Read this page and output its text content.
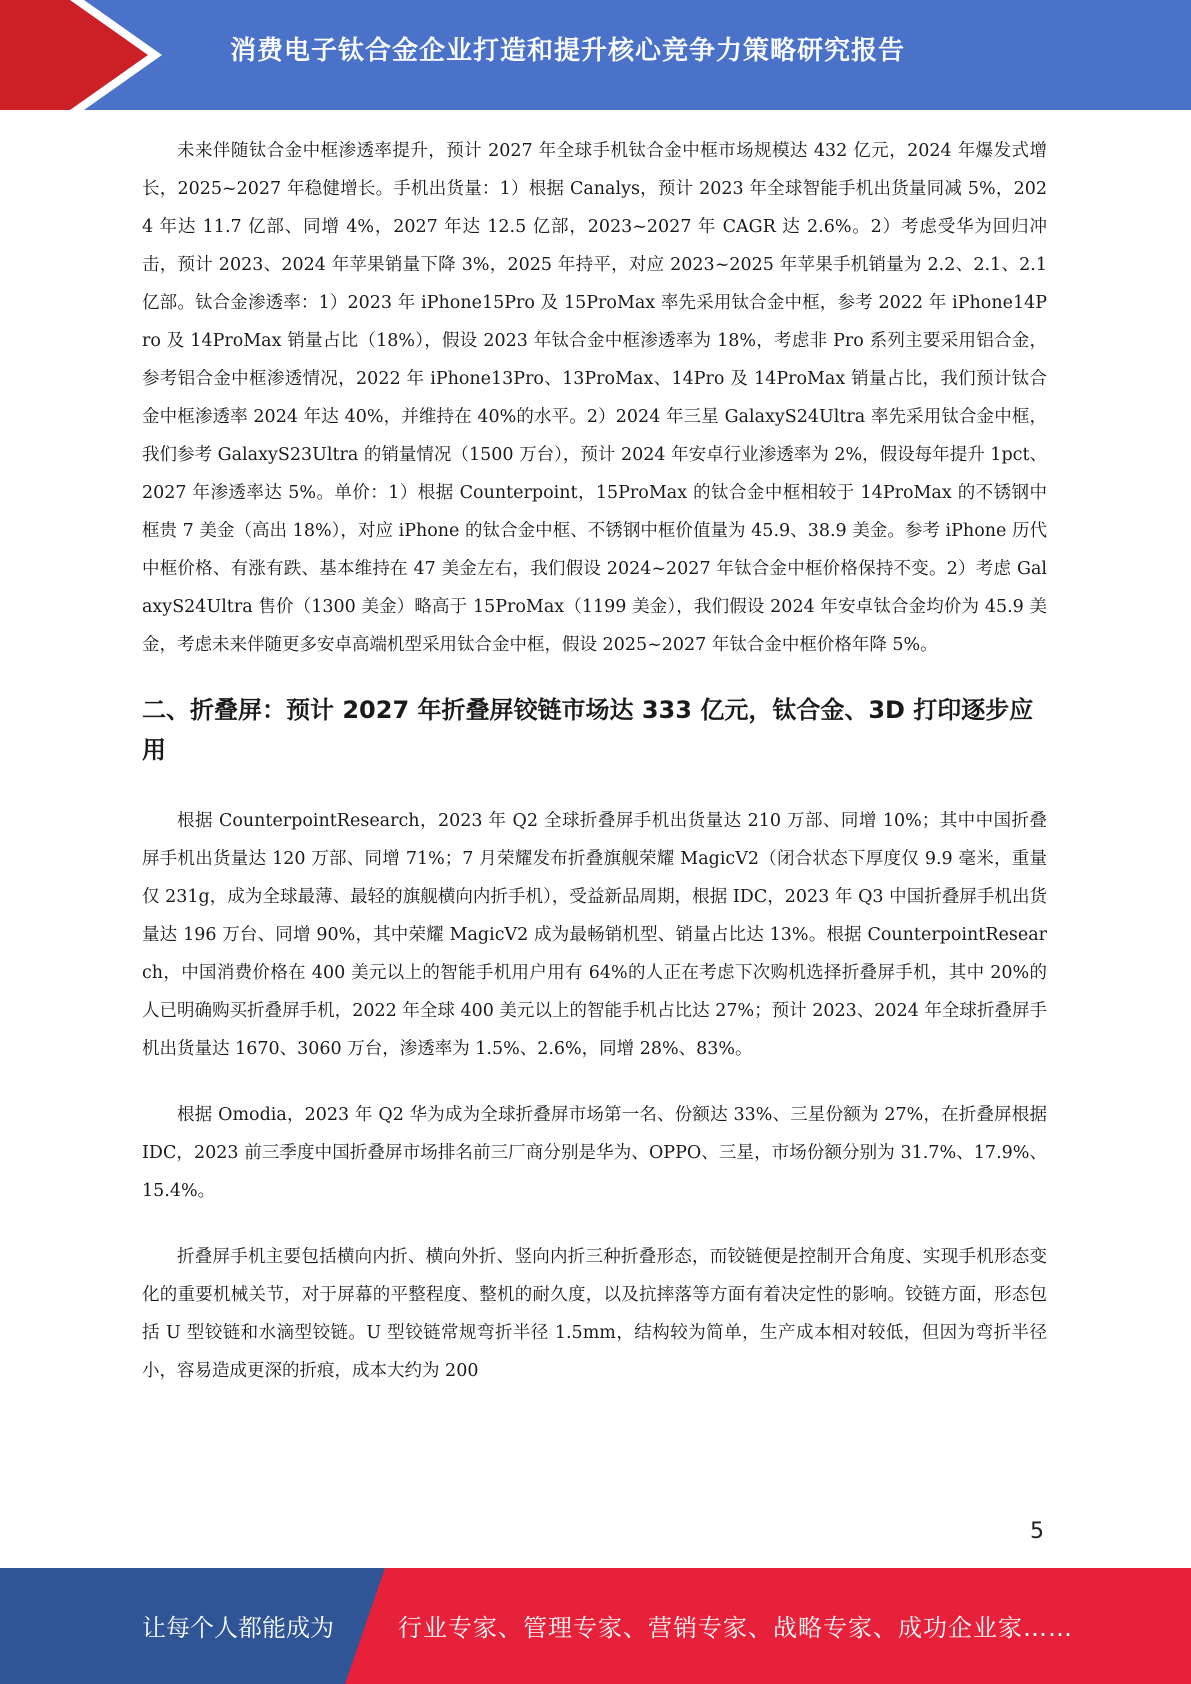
消费电子钛合金企业打造和提升核心竞争力策略研究报告

未来伴随钛合金中框渗透率提升，预计 2027 年全球手机钛合金中框市场规模达 432 亿元，2024 年爆发式增长，2025~2027 年稳健增长。手机出货量：1）根据 Canalys，预计 2023 年全球智能手机出货量同减 5%，2024 年达 11.7 亿部、同增 4%，2027 年达 12.5 亿部，2023~2027 年 CAGR 达 2.6%。2）考虑受华为回归冲击，预计 2023、2024 年苹果销量下降 3%，2025 年持平，对应 2023~2025 年苹果手机销量为 2.2、2.1、2.1 亿部。钛合金渗透率：1）2023 年 iPhone15Pro 及 15ProMax 率先采用钛合金中框，参考 2022 年 iPhone14Pro 及 14ProMax 销量占比（18%），假设 2023 年钛合金中框渗透率为 18%，考虑非 Pro 系列主要采用铝合金，参考铝合金中框渗透情况，2022 年 iPhone13Pro、13ProMax、14Pro 及 14ProMax 销量占比，我们预计钛合金中框渗透率 2024 年达 40%，并维持在 40%的水平。2）2024 年三星 GalaxyS24Ultra 率先采用钛合金中框，我们参考 GalaxyS23Ultra 的销量情况（1500 万台），预计 2024 年安卓行业渗透率为 2%，假设每年提升 1pct、2027 年渗透率达 5%。单价：1）根据 Counterpoint，15ProMax 的钛合金中框相较于 14ProMax 的不锈钢中框贵 7 美金（高出 18%），对应 iPhone 的钛合金中框、不锈钢中框价值量为 45.9、38.9 美金。参考 iPhone 历代中框价格、有涨有跌、基本维持在 47 美金左右，我们假设 2024~2027 年钛合金中框价格保持不变。2）考虑 GalaxyS24Ultra 售价（1300 美金）略高于 15ProMax（1199 美金），我们假设 2024 年安卓钛合金均价为 45.9 美金，考虑未来伴随更多安卓高端机型采用钛合金中框，假设 2025~2027 年钛合金中框价格年降 5%。

二、折叠屏：预计 2027 年折叠屏铰链市场达 333 亿元，钛合金、3D 打印逐步应用

根据 CounterpointResearch，2023 年 Q2 全球折叠屏手机出货量达 210 万部、同增 10%；其中中国折叠屏手机出货量达 120 万部、同增 71%；7 月荣耀发布折叠旗舰荣耀 MagicV2（闭合状态下厚度仅 9.9 毫米，重量仅 231g，成为全球最薄、最轻的旗舰横向内折手机），受益新品周期，根据 IDC，2023 年 Q3 中国折叠屏手机出货量达 196 万台、同增 90%，其中荣耀 MagicV2 成为最畅销机型、销量占比达 13%。根据 CounterpointResearch，中国消费价格在 400 美元以上的智能手机用户用有 64%的人正在考虑下次购机选择折叠屏手机，其中 20%的人已明确购买折叠屏手机，2022 年全球 400 美元以上的智能手机占比达 27%；预计 2023、2024 年全球折叠屏手机出货量达 1670、3060 万台，渗透率为 1.5%、2.6%，同增 28%、83%。

根据 Omodia，2023 年 Q2 华为成为全球折叠屏市场第一名、份额达 33%、三星份额为 27%，在折叠屏根据 IDC，2023 前三季度中国折叠屏市场排名前三厂商分别是华为、OPPO、三星，市场份额分别为 31.7%、17.9%、15.4%。

折叠屏手机主要包括横向内折、横向外折、竖向内折三种折叠形态，而铰链便是控制开合角度、实现手机形态变化的重要机械关节，对于屏幕的平整程度、整机的耐久度，以及抗摔落等方面有着决定性的影响。铰链方面，形态包括 U 型铰链和水滴型铰链。U 型铰链常规弯折半径 1.5mm，结构较为简单，生产成本相对较低，但因为弯折半径小，容易造成更深的折痕，成本大约为 200

5
让每个人都能成为	行业专家、管理专家、营销专家、战略专家、成功企业家……
